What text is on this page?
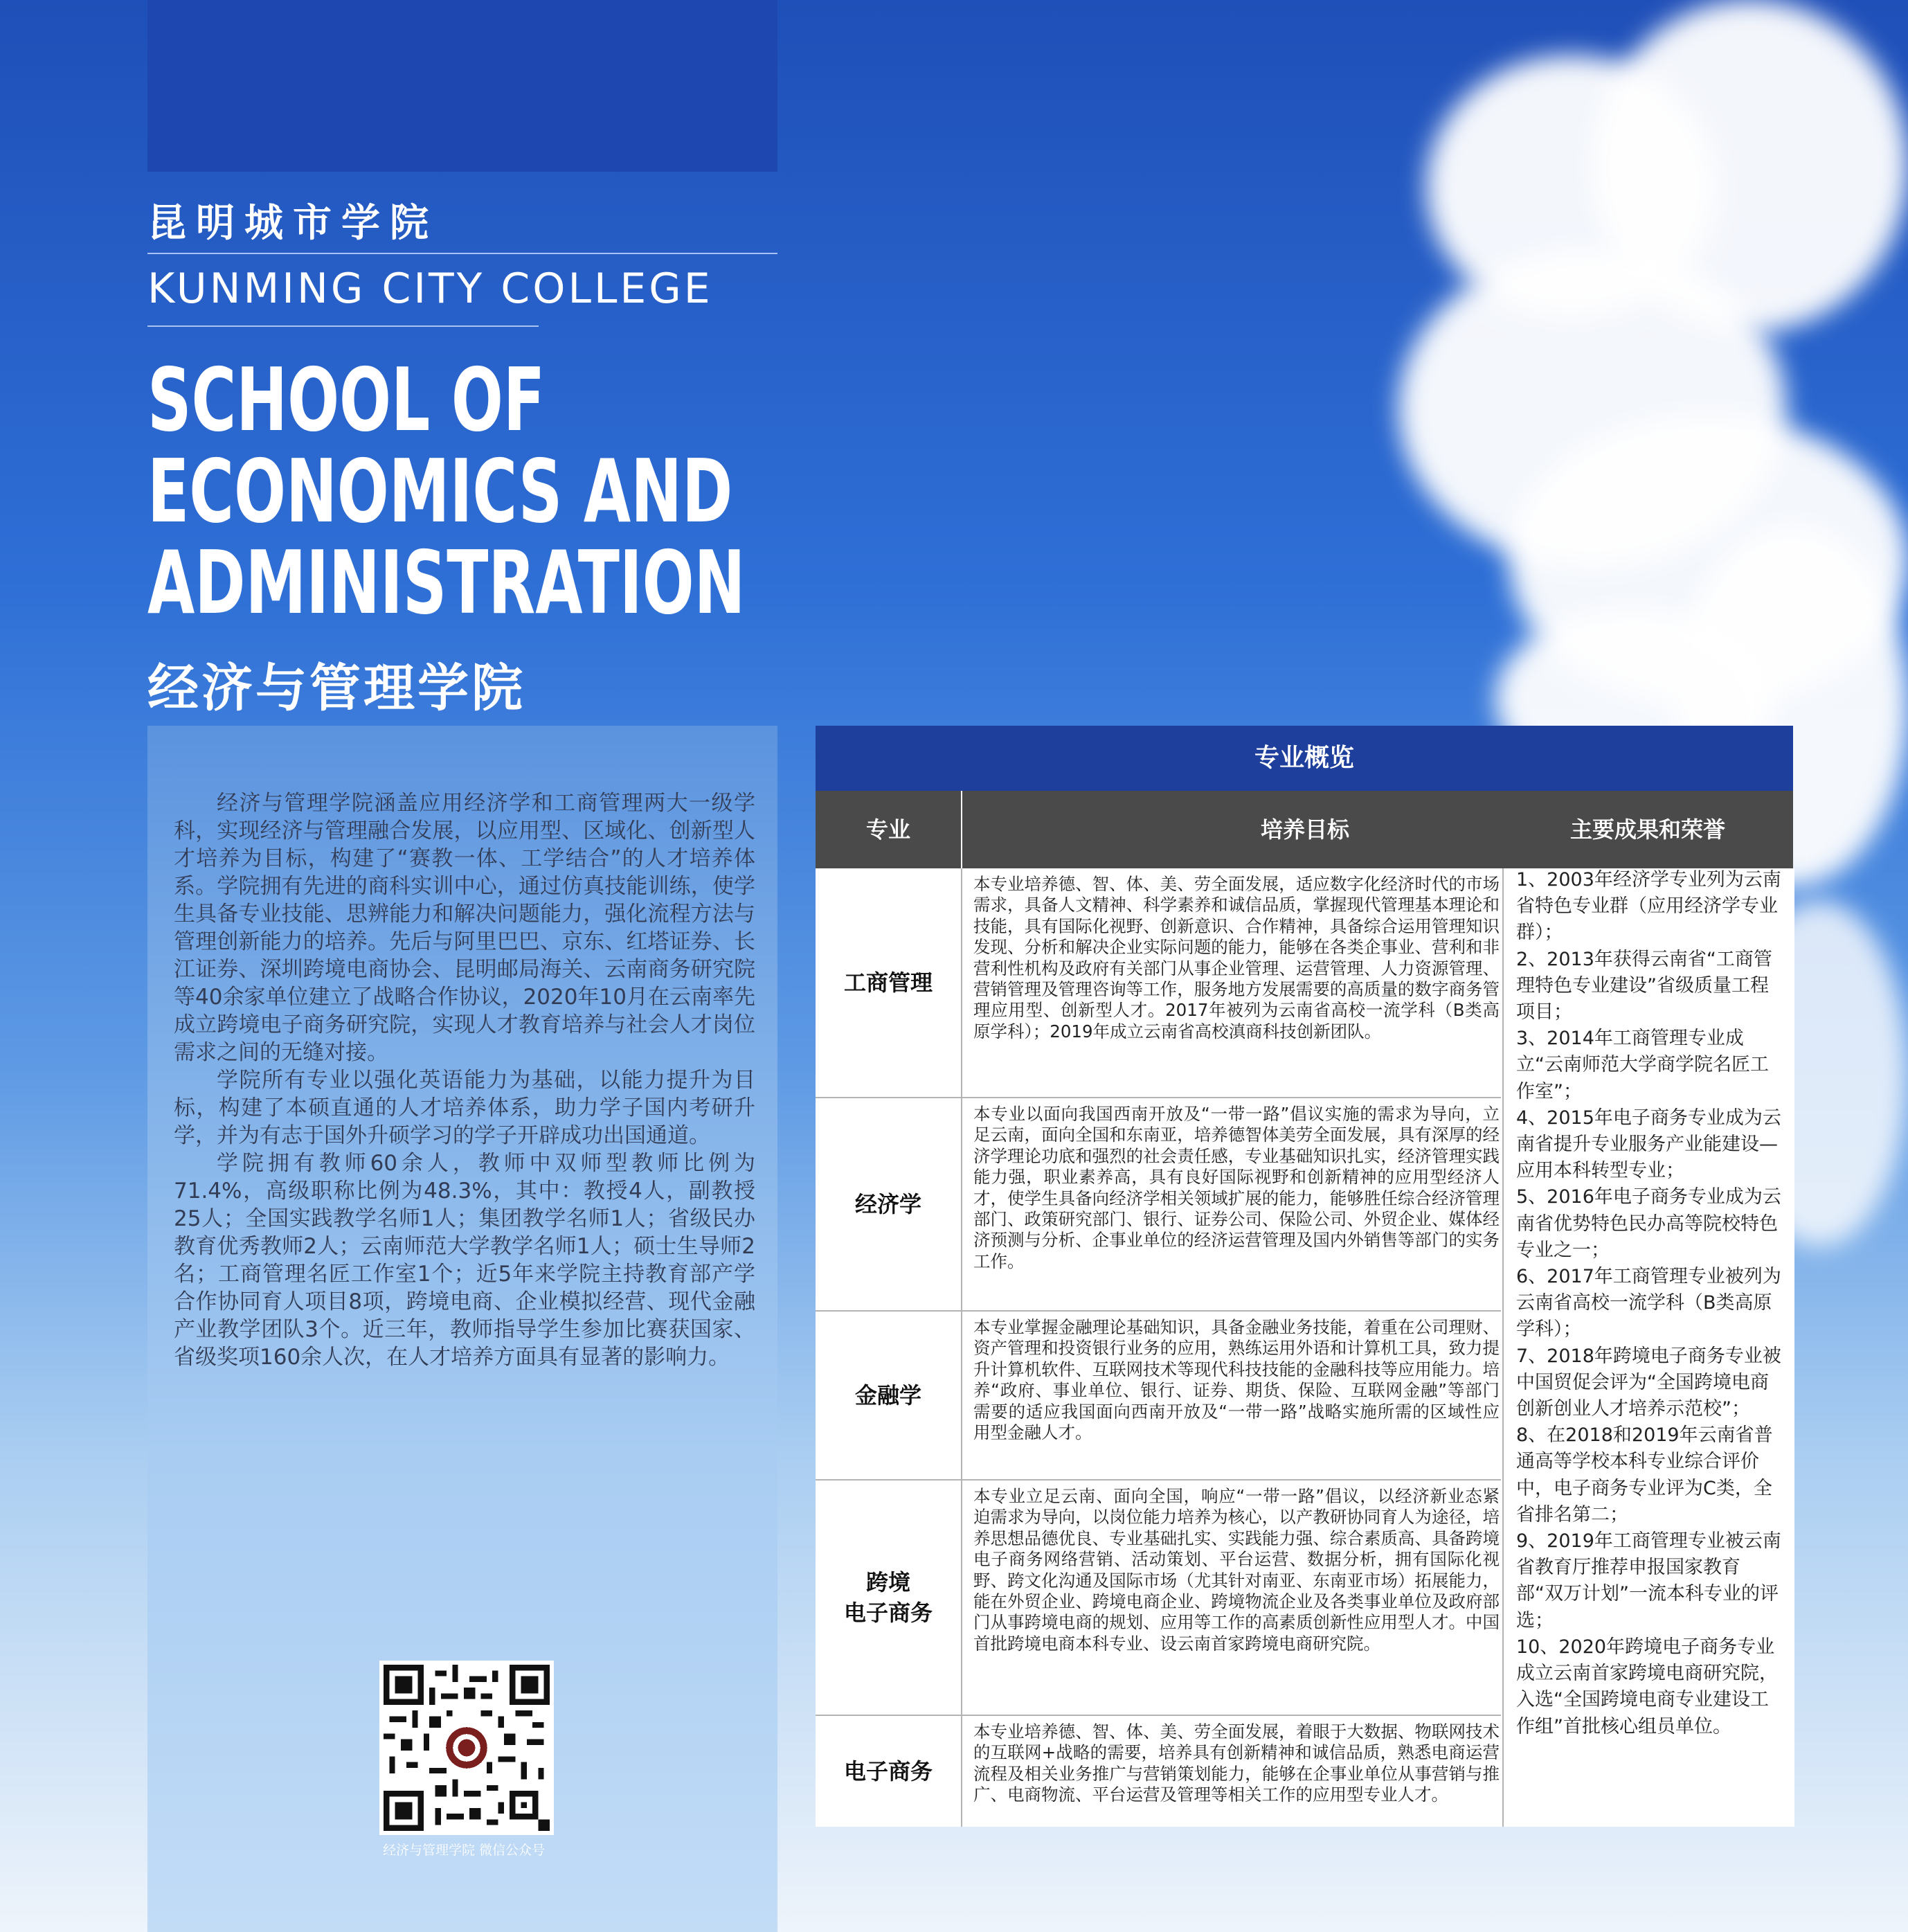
昆明城市学院
KUNMING CITY COLLEGE
SCHOOL OF
ECONOMICS AND
ADMINISTRATION
经济与管理学院

经济与管理学院涵盖应用经济学和工商管理两大一级学科，实现经济与管理融合发展，以应用型、区域化、创新型人才培养为目标，构建了“赛教一体、工学结合”的人才培养体系。学院拥有先进的商科实训中心，通过仿真技能训练，使学生具备专业技能、思辨能力和解决问题能力，强化流程方法与管理创新能力的培养。先后与阿里巴巴、京东、红塔证券、长江证券、深圳跨境电商协会、昆明邮局海关、云南商务研究院等40余家单位建立了战略合作协议，2020年10月在云南率先成立跨境电子商务研究院，实现人才教育培养与社会人才岗位需求之间的无缝对接。

学院所有专业以强化英语能力为基础，以能力提升为目标，构建了本硕直通的人才培养体系，助力学子国内考研升学，并为有志于国外升硕学习的学子开辟成功出国通道。

学院拥有教师60余人，教师中双师型教师比例为71.4%，高级职称比例为48.3%，其中：教授4人，副教授25人；全国实践教学名师1人；集团教学名师1人；省级民办教育优秀教师2人；云南师范大学教学名师1人；硕士生导师2名；工商管理名匠工作室1个；近5年来学院主持教育部产学合作协同育人项目8项，跨境电商、企业模拟经营、现代金融产业教学团队3个。近三年，教师指导学生参加比赛获国家、省级奖项160余人次，在人才培养方面具有显著的影响力。

经济与管理学院 微信公众号
专业概览
专业	培养目标
工商管理
本专业培养德、智、体、美、劳全面发展，适应数字化经济时代的市场需求，具备人文精神、科学素养和诚信品质，掌握现代管理基本理论和技能，具有国际化视野、创新意识、合作精神，具备综合运用管理知识发现、分析和解决企业实际问题的能力，能够在各类企事业、营利和非营利性机构及政府有关部门从事企业管理、运营管理、人力资源管理、营销管理及管理咨询等工作，服务地方发展需要的高质量的数字商务管理应用型、创新型人才。2017年被列为云南省高校一流学科（B类高原学科）；2019年成立云南省高校滇商科技创新团队。
经济学
本专业以面向我国西南开放及“一带一路”倡议实施的需求为导向，立足云南，面向全国和东南亚，培养德智体美劳全面发展，具有深厚的经济学理论功底和强烈的社会责任感，专业基础知识扎实，经济管理实践能力强，职业素养高，具有良好国际视野和创新精神的应用型经济人才，使学生具备向经济学相关领域扩展的能力，能够胜任综合经济管理部门、政策研究部门、银行、证券公司、保险公司、外贸企业、媒体经济预测与分析、企事业单位的经济运营管理及国内外销售等部门的实务工作。
金融学
本专业掌握金融理论基础知识，具备金融业务技能，着重在公司理财、资产管理和投资银行业务的应用，熟练运用外语和计算机工具，致力提升计算机软件、互联网技术等现代科技技能的金融科技等应用能力。培养“政府、事业单位、银行、证券、期货、保险、互联网金融”等部门需要的适应我国面向西南开放及“一带一路”战略实施所需的区域性应用型金融人才。
跨境
电子商务
本专业立足云南、面向全国，响应“一带一路”倡议，以经济新业态紧迫需求为导向，以岗位能力培养为核心，以产教研协同育人为途径，培养思想品德优良、专业基础扎实、实践能力强、综合素质高、具备跨境电子商务网络营销、活动策划、平台运营、数据分析，拥有国际化视野、跨文化沟通及国际市场（尤其针对南亚、东南亚市场）拓展能力，能在外贸企业、跨境电商企业、跨境物流企业及各类事业单位及政府部门从事跨境电商的规划、应用等工作的高素质创新性应用型人才。中国首批跨境电商本科专业、设云南首家跨境电商研究院。
电子商务
本专业培养德、智、体、美、劳全面发展，着眼于大数据、物联网技术的互联网+战略的需要，培养具有创新精神和诚信品质，熟悉电商运营流程及相关业务推广与营销策划能力，能够在企事业单位从事营销与推广、电商物流、平台运营及管理等相关工作的应用型专业人才。
主要成果和荣誉
1、2003年经济学专业列为云南省特色专业群（应用经济学专业群）；
2、2013年获得云南省“工商管理特色专业建设”省级质量工程项目；
3、2014年工商管理专业成立“云南师范大学商学院名匠工作室”；
4、2015年电子商务专业成为云南省提升专业服务产业能建设—应用本科转型专业；
5、2016年电子商务专业成为云南省优势特色民办高等院校特色专业之一；
6、2017年工商管理专业被列为云南省高校一流学科（B类高原学科）；
7、2018年跨境电子商务专业被中国贸促会评为“全国跨境电商创新创业人才培养示范校”；
8、在2018和2019年云南省普通高等学校本科专业综合评价中，电子商务专业评为C类，全省排名第二；
9、2019年工商管理专业被云南省教育厅推荐申报国家教育部“双万计划”一流本科专业的评选；
10、2020年跨境电子商务专业成立云南首家跨境电商研究院，入选“全国跨境电商专业建设工作组”首批核心组员单位。
